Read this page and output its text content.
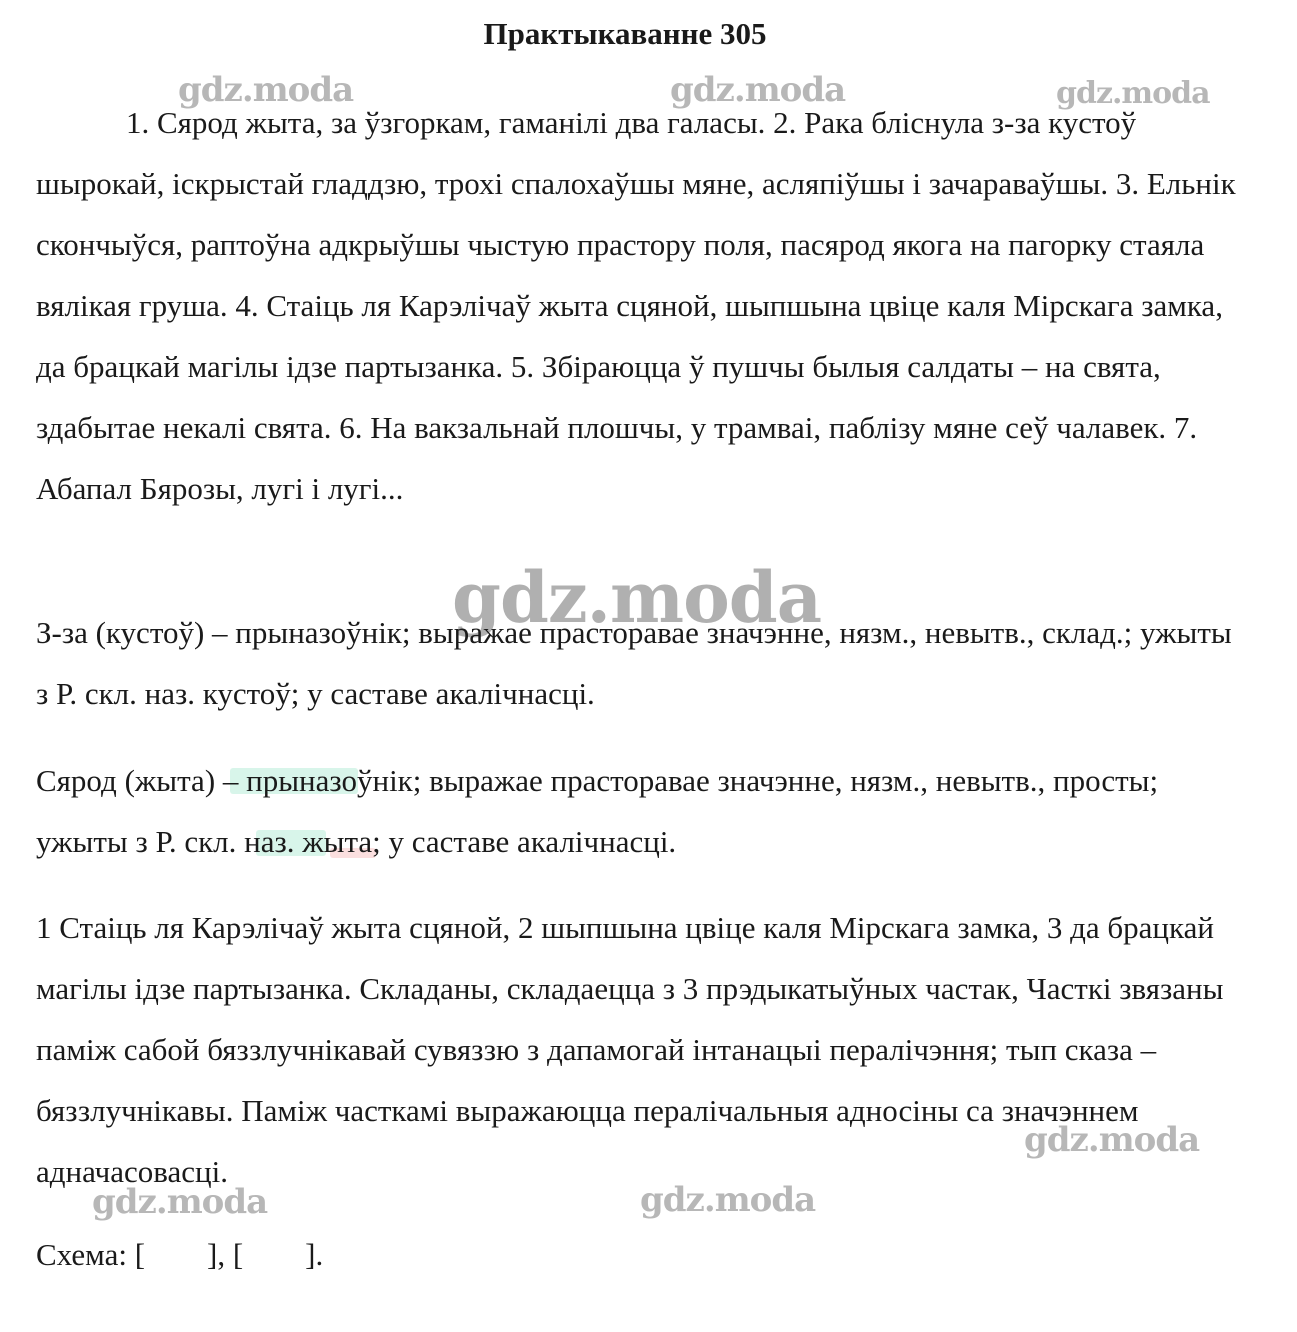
Практыкаванне 305

1. Сярод жыта, за ўзгоркам, гаманілі два галасы. 2. Рака блiснула з-за кустоў шырокай, іскрыстай гладдзю, трохі спалохаўшы мяне, асляпіўшы і зачараваўшы. 3. Ельнік скончыўся, раптоўна адкрыўшы чыстую прастору поля, пасярод якога на пагорку стаяла вялікая груша. 4. Стаіць ля Карэлічаў жыта сцяной, шыпшына цвіце каля Мірскага замка, да брацкай магілы ідзе партызанка. 5. Збіраюцца ў пушчы былыя салдаты – на свята, здабытае некалі свята. 6. На вакзальнай плошчы, у трамваі, паблізу мяне сеў чалавек. 7. Абапал Бярозы, лугі і лугі...

gdz.moda

З-за (кустоў) – прыназоўнік; выражае прасторавае значэнне, нязм., невытв., склад.; ужыты з Р. скл. наз. кустоў; у саставе акалічнасці.

Сярод (жыта) – прыназоўнік; выражае прасторавае значэнне, нязм., невытв., просты; ужыты з Р. скл. наз. жыта; у саставе акалічнасці.

1 Стаіць ля Карэлічаў жыта сцяной, 2 шыпшына цвіце каля Мірскага замка, 3 да брацкай магілы ідзе партызанка. Складаны, складаецца з 3 прэдыкатыўных частак, Часткі звязаны паміж сабой бяззлучнікавай сувяззю з дапамогай інтанацыі пералічэння; тып сказа – бяззлучнікавы. Паміж часткамі выражаюцца пералічальныя адносіны са значэннем адначасовасці.

Схема: [        ], [        ].

gdz.moda	gdz.moda	gdz.moda
gdz.moda
gdz.moda	gdz.moda
